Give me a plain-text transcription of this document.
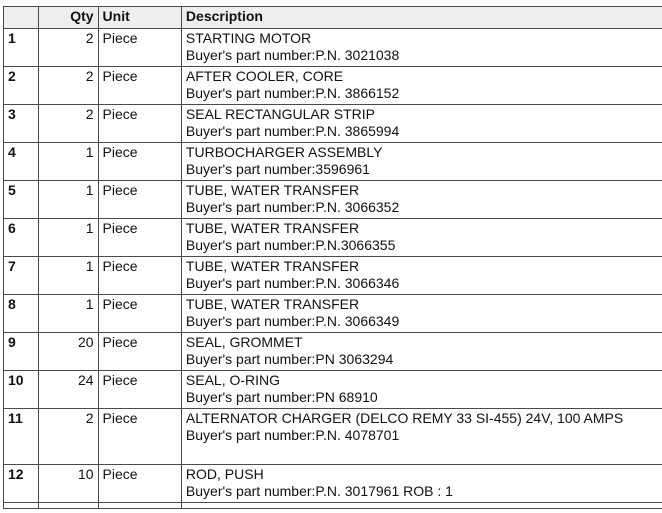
	Qty	Unit	Description
1	2	Piece	STARTING MOTOR
Buyer's part number:P.N. 3021038

2	2	Piece	AFTER COOLER, CORE
Buyer's part number:P.N. 3866152

3	2	Piece	SEAL RECTANGULAR STRIP
Buyer's part number:P.N. 3865994

4	1	Piece	TURBOCHARGER ASSEMBLY
Buyer's part number:3596961

5	1	Piece	TUBE, WATER TRANSFER
Buyer's part number:P.N. 3066352

6	1	Piece	TUBE, WATER TRANSFER
Buyer's part number:P.N.3066355

7	1	Piece	TUBE, WATER TRANSFER
Buyer's part number:P.N. 3066346

8	1	Piece	TUBE, WATER TRANSFER
Buyer's part number:P.N. 3066349

9	20	Piece	SEAL, GROMMET
Buyer's part number:PN 3063294

10	24	Piece	SEAL, O-RING
Buyer's part number:PN 68910

11	2	Piece	ALTERNATOR CHARGER (DELCO REMY 33 SI-455) 24V, 100 AMPS
Buyer's part number:P.N. 4078701

12	10	Piece	ROD, PUSH
Buyer's part number:P.N. 3017961 ROB : 1
